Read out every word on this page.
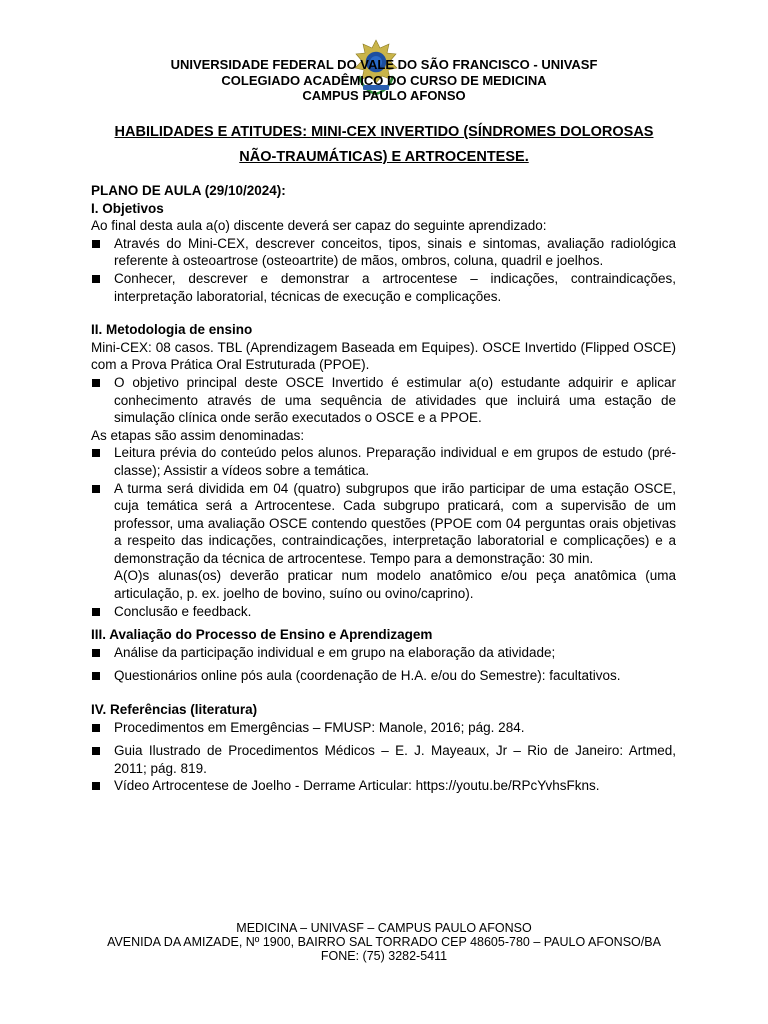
UNIVERSIDADE FEDERAL DO VALE DO SÃO FRANCISCO - UNIVASF
COLEGIADO ACADÊMICO DO CURSO DE MEDICINA
CAMPUS PAULO AFONSO
HABILIDADES E ATITUDES: MINI-CEX INVERTIDO (SÍNDROMES DOLOROSAS
NÃO-TRAUMÁTICAS) E ARTROCENTESE.

PLANO DE AULA (29/10/2024):

I. Objetivos

Ao final desta aula a(o) discente deverá ser capaz do seguinte aprendizado:

Através do Mini-CEX, descrever conceitos, tipos, sinais e sintomas, avaliação radiológica referente à osteoartrose (osteoartrite) de mãos, ombros, coluna, quadril e joelhos.
Conhecer, descrever e demonstrar a artrocentese – indicações, contraindicações, interpretação laboratorial, técnicas de execução e complicações.

II. Metodologia de ensino

Mini-CEX: 08 casos. TBL (Aprendizagem Baseada em Equipes). OSCE Invertido (Flipped OSCE) com a Prova Prática Oral Estruturada (PPOE).

O objetivo principal deste OSCE Invertido é estimular a(o) estudante adquirir e aplicar conhecimento através de uma sequência de atividades que incluirá uma estação de simulação clínica onde serão executados o OSCE e a PPOE.

As etapas são assim denominadas:

Leitura prévia do conteúdo pelos alunos. Preparação individual e em grupos de estudo (pré-classe); Assistir a vídeos sobre a temática.
A turma será dividida em 04 (quatro) subgrupos que irão participar de uma estação OSCE, cuja temática será a Artrocentese. Cada subgrupo praticará, com a supervisão de um professor, uma avaliação OSCE contendo questões (PPOE com 04 perguntas orais objetivas a respeito das indicações, contraindicações, interpretação laboratorial e complicações) e a demonstração da técnica de artrocentese. Tempo para a demonstração: 30 min.

A(O)s alunas(os) deverão praticar num modelo anatômico e/ou peça anatômica (uma articulação, p. ex. joelho de bovino, suíno ou ovino/caprino).

Conclusão e feedback.

III. Avaliação do Processo de Ensino e Aprendizagem

Análise da participação individual e em grupo na elaboração da atividade;
Questionários online pós aula (coordenação de H.A. e/ou do Semestre): facultativos.

IV. Referências (literatura)

Procedimentos em Emergências – FMUSP: Manole, 2016; pág. 284.
Guia Ilustrado de Procedimentos Médicos – E. J. Mayeaux, Jr – Rio de Janeiro: Artmed, 2011; pág. 819.
Vídeo Artrocentese de Joelho - Derrame Articular: https://youtu.be/RPcYvhsFkns.
MEDICINA – UNIVASF – CAMPUS PAULO AFONSO
AVENIDA DA AMIZADE, Nº 1900, BAIRRO SAL TORRADO CEP 48605-780 – PAULO AFONSO/BA
FONE: (75) 3282-5411
